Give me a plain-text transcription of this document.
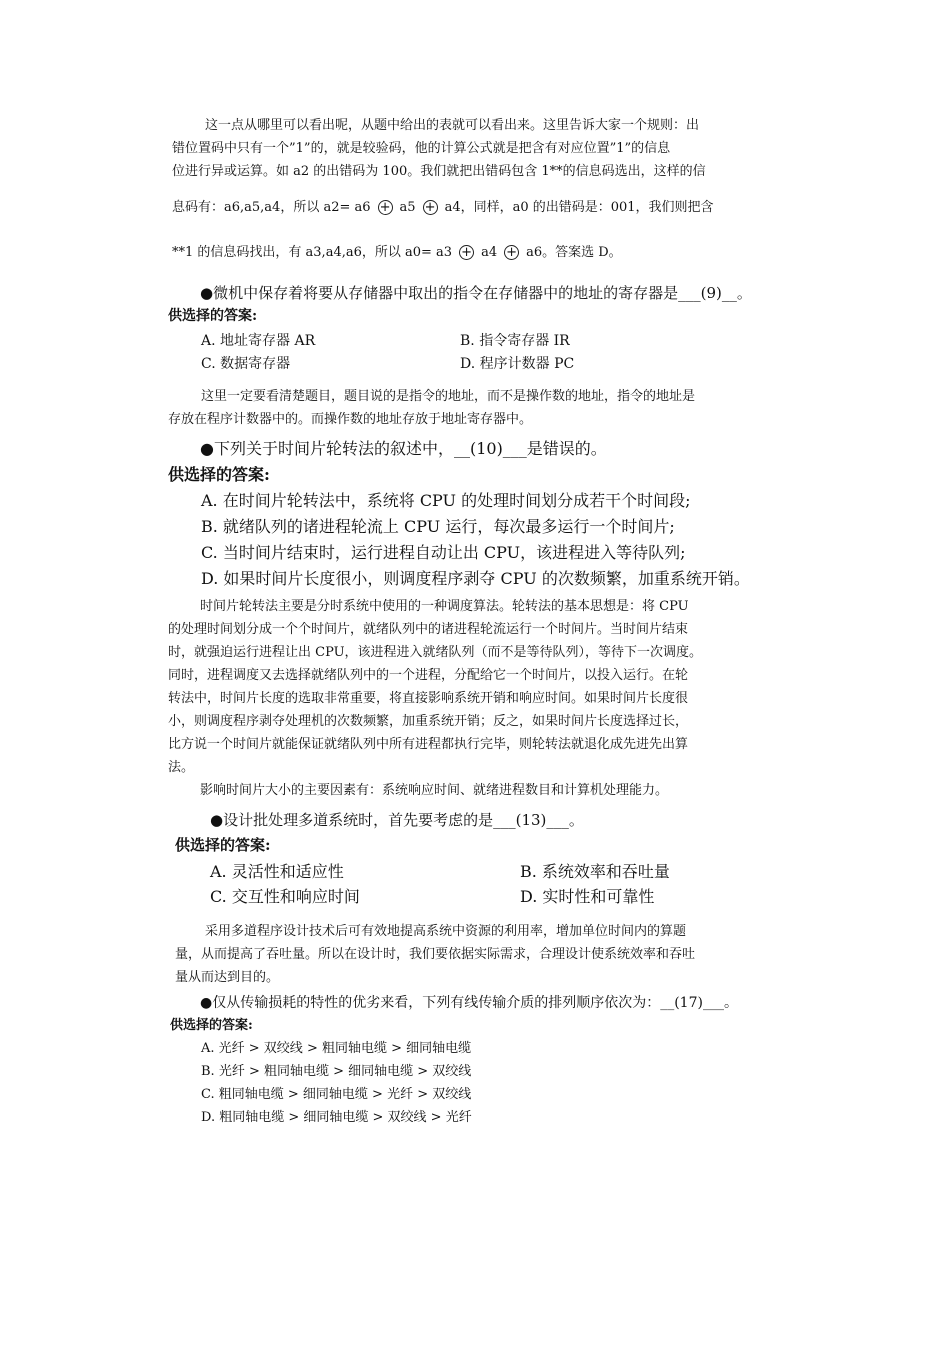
这一点从哪里可以看出呢，从题中给出的表就可以看出来。这里告诉大家一个规则：出
错位置码中只有一个”1”的，就是较验码，他的计算公式就是把含有对应位置”1”的信息
位进行异或运算。如 a2 的出错码为 100。我们就把出错码包含 1**的信息码选出，这样的信
息码有：a6,a5,a4，所以 a2= a6 + a5 + a4，同样，a0 的出错码是：001，我们则把含
**1 的信息码找出，有 a3,a4,a6，所以 a0= a3 + a4 + a6。答案选 D。
●微机中保存着将要从存储器中取出的指令在存储器中的地址的寄存器是___(9)__。
供选择的答案:
A. 地址寄存器 AR	B. 指令寄存器 IR
C. 数据寄存器	D. 程序计数器 PC
这里一定要看清楚题目，题目说的是指令的地址，而不是操作数的地址，指令的地址是
存放在程序计数器中的。而操作数的地址存放于地址寄存器中。
●下列关于时间片轮转法的叙述中，__(10)___是错误的。
供选择的答案:
A. 在时间片轮转法中，系统将 CPU 的处理时间划分成若干个时间段;
B. 就绪队列的诸进程轮流上 CPU 运行，每次最多运行一个时间片;
C. 当时间片结束时，运行进程自动让出 CPU，该进程进入等待队列;
D. 如果时间片长度很小，则调度程序剥夺 CPU 的次数频繁，加重系统开销。
时间片轮转法主要是分时系统中使用的一种调度算法。轮转法的基本思想是：将 CPU
的处理时间划分成一个个时间片，就绪队列中的诸进程轮流运行一个时间片。当时间片结束
时，就强迫运行进程让出 CPU，该进程进入就绪队列（而不是等待队列），等待下一次调度。
同时，进程调度又去选择就绪队列中的一个进程，分配给它一个时间片，以投入运行。在轮
转法中，时间片长度的选取非常重要，将直接影响系统开销和响应时间。如果时间片长度很
小，则调度程序剥夺处理机的次数频繁，加重系统开销；反之，如果时间片长度选择过长，
比方说一个时间片就能保证就绪队列中所有进程都执行完毕，则轮转法就退化成先进先出算
法。
影响时间片大小的主要因素有：系统响应时间、就绪进程数目和计算机处理能力。
●设计批处理多道系统时，首先要考虑的是___(13)___。
供选择的答案:
A. 灵活性和适应性	B. 系统效率和吞吐量
C. 交互性和响应时间	D. 实时性和可靠性
采用多道程序设计技术后可有效地提高系统中资源的利用率，增加单位时间内的算题
量，从而提高了吞吐量。所以在设计时，我们要依据实际需求，合理设计使系统效率和吞吐
量从而达到目的。
●仅从传输损耗的特性的优劣来看，下列有线传输介质的排列顺序依次为：__(17)___。
供选择的答案:
A. 光纤 > 双绞线 > 粗同轴电缆 > 细同轴电缆
B. 光纤 > 粗同轴电缆 > 细同轴电缆 > 双绞线
C. 粗同轴电缆 > 细同轴电缆 > 光纤 > 双绞线
D. 粗同轴电缆 > 细同轴电缆 > 双绞线 > 光纤
